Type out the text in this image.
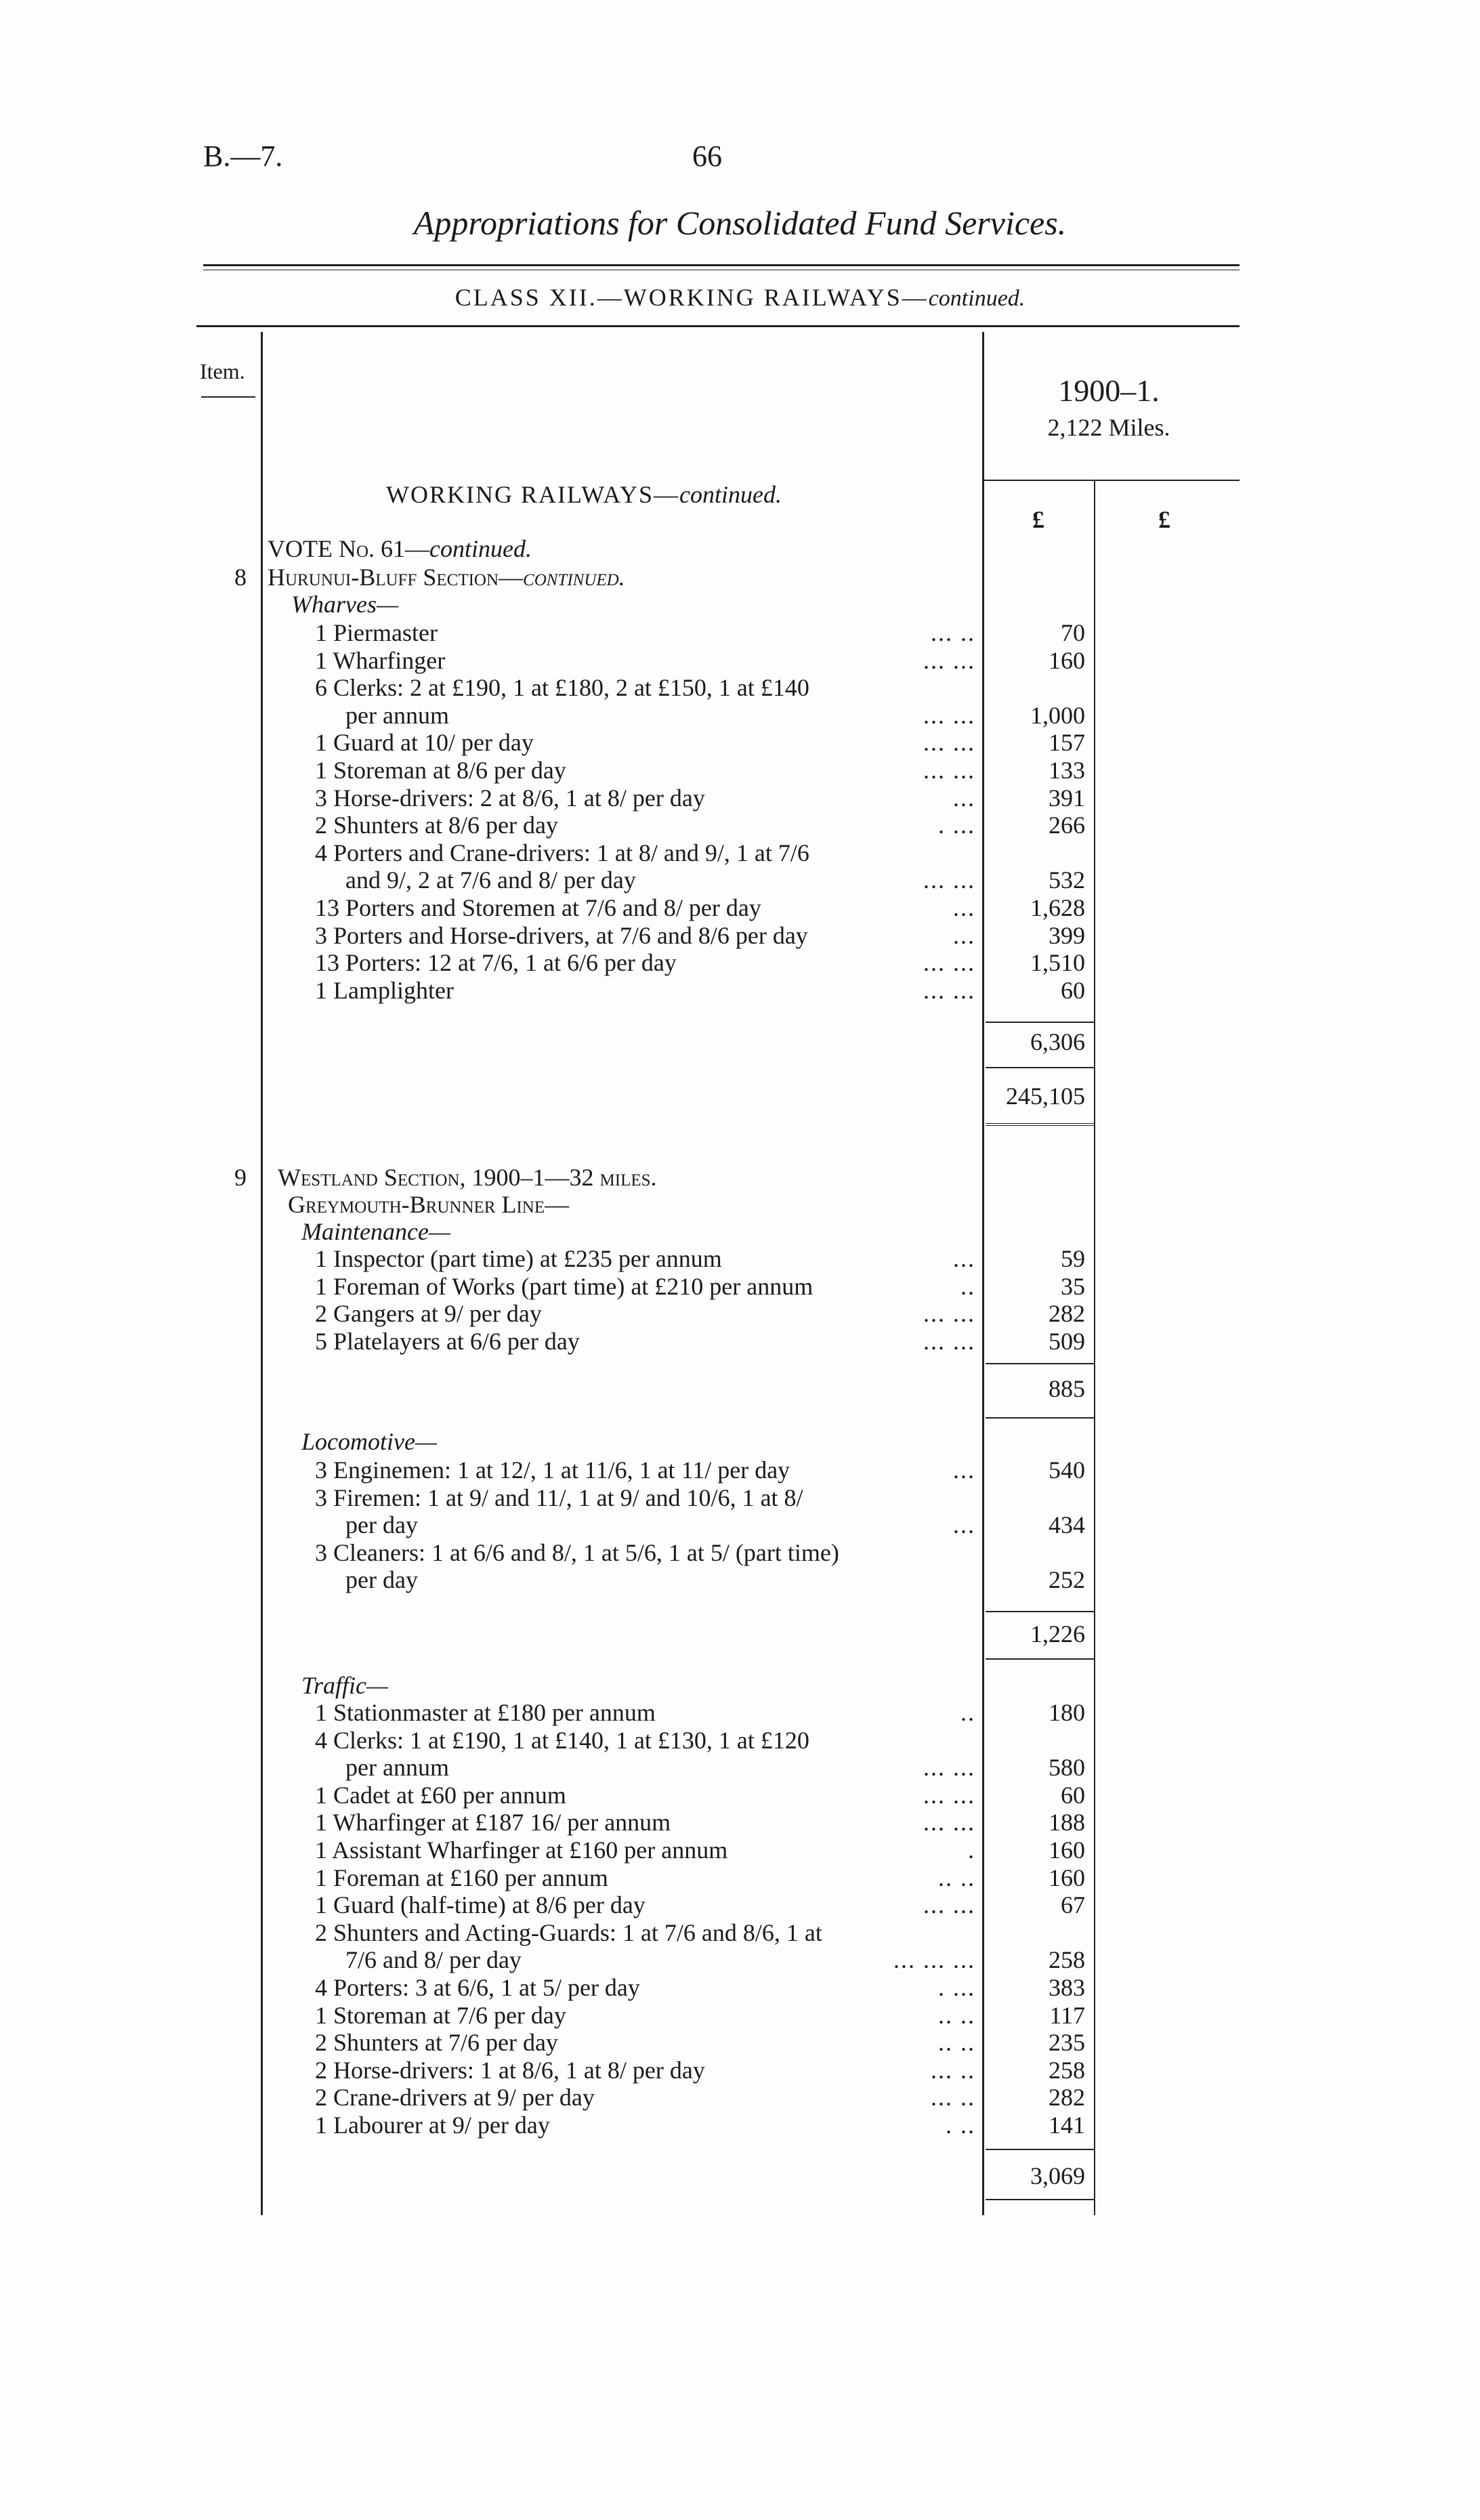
B.—7.	66
Appropriations for Consolidated Fund Services.
CLASS XII.—WORKING RAILWAYS—continued.
Item.
1900–1.
2,122 Miles.
£	£
WORKING RAILWAYS—continued.
VOTE No. 61—continued.
8 Hurunui-Bluff Section—continued.
Wharves—
1 Piermaster	... ..	70
1 Wharfinger	... ...	160
6 Clerks: 2 at £190, 1 at £180, 2 at £150, 1 at £140
per annum	... ...	1,000
1 Guard at 10/ per day	... ...	157
1 Storeman at 8/6 per day	... ...	133
3 Horse-drivers: 2 at 8/6, 1 at 8/ per day	...	391
2 Shunters at 8/6 per day	. ...	266
4 Porters and Crane-drivers: 1 at 8/ and 9/, 1 at 7/6
and 9/, 2 at 7/6 and 8/ per day	... ...	532
13 Porters and Storemen at 7/6 and 8/ per day	...	1,628
3 Porters and Horse-drivers, at 7/6 and 8/6 per day	...	399
13 Porters: 12 at 7/6, 1 at 6/6 per day	... ...	1,510
1 Lamplighter	... ...	60
6,306
245,105
9	Westland Section, 1900–1—32 miles.
Greymouth-Brunner Line—
Maintenance—
1 Inspector (part time) at £235 per annum	...	59
1 Foreman of Works (part time) at £210 per annum	..	35
2 Gangers at 9/ per day	... ...	282
5 Platelayers at 6/6 per day	... ...	509
885
Locomotive—
3 Enginemen: 1 at 12/, 1 at 11/6, 1 at 11/ per day	...	540
3 Firemen: 1 at 9/ and 11/, 1 at 9/ and 10/6, 1 at 8/
per day	...	434
3 Cleaners: 1 at 6/6 and 8/, 1 at 5/6, 1 at 5/ (part time)
per day	252
1,226
Traffic—
1 Stationmaster at £180 per annum	..	180
4 Clerks: 1 at £190, 1 at £140, 1 at £130, 1 at £120
per annum	... ...	580
1 Cadet at £60 per annum	... ...	60
1 Wharfinger at £187 16/ per annum	... ...	188
1 Assistant Wharfinger at £160 per annum	.	160
1 Foreman at £160 per annum	.. ..	160
1 Guard (half-time) at 8/6 per day	... ...	67
2 Shunters and Acting-Guards: 1 at 7/6 and 8/6, 1 at
7/6 and 8/ per day	... ... ...	258
4 Porters: 3 at 6/6, 1 at 5/ per day	. ...	383
1 Storeman at 7/6 per day	.. ..	117
2 Shunters at 7/6 per day	.. ..	235
2 Horse-drivers: 1 at 8/6, 1 at 8/ per day	... ..	258
2 Crane-drivers at 9/ per day	... ..	282
1 Labourer at 9/ per day	. ..	141
3,069
